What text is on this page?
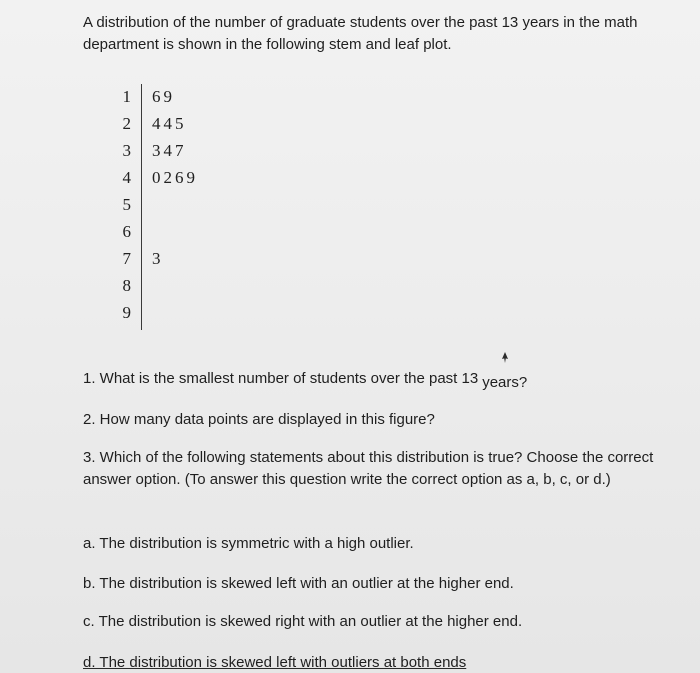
A distribution of the number of graduate students over the past 13 years in the math department is shown in the following stem and leaf plot.
1 69
2 445
3 347
4 0269
5
6
7 3
8
9
1. What is the smallest number of students over the past 13 years?
2. How many data points are displayed in this figure?
3. Which of the following statements about this distribution is true? Choose the correct answer option. (To answer this question write the correct option as a, b, c, or d.)
a. The distribution is symmetric with a high outlier.
b. The distribution is skewed left with an outlier at the higher end.
c. The distribution is skewed right with an outlier at the higher end.
d. The distribution is skewed left with outliers at both ends
